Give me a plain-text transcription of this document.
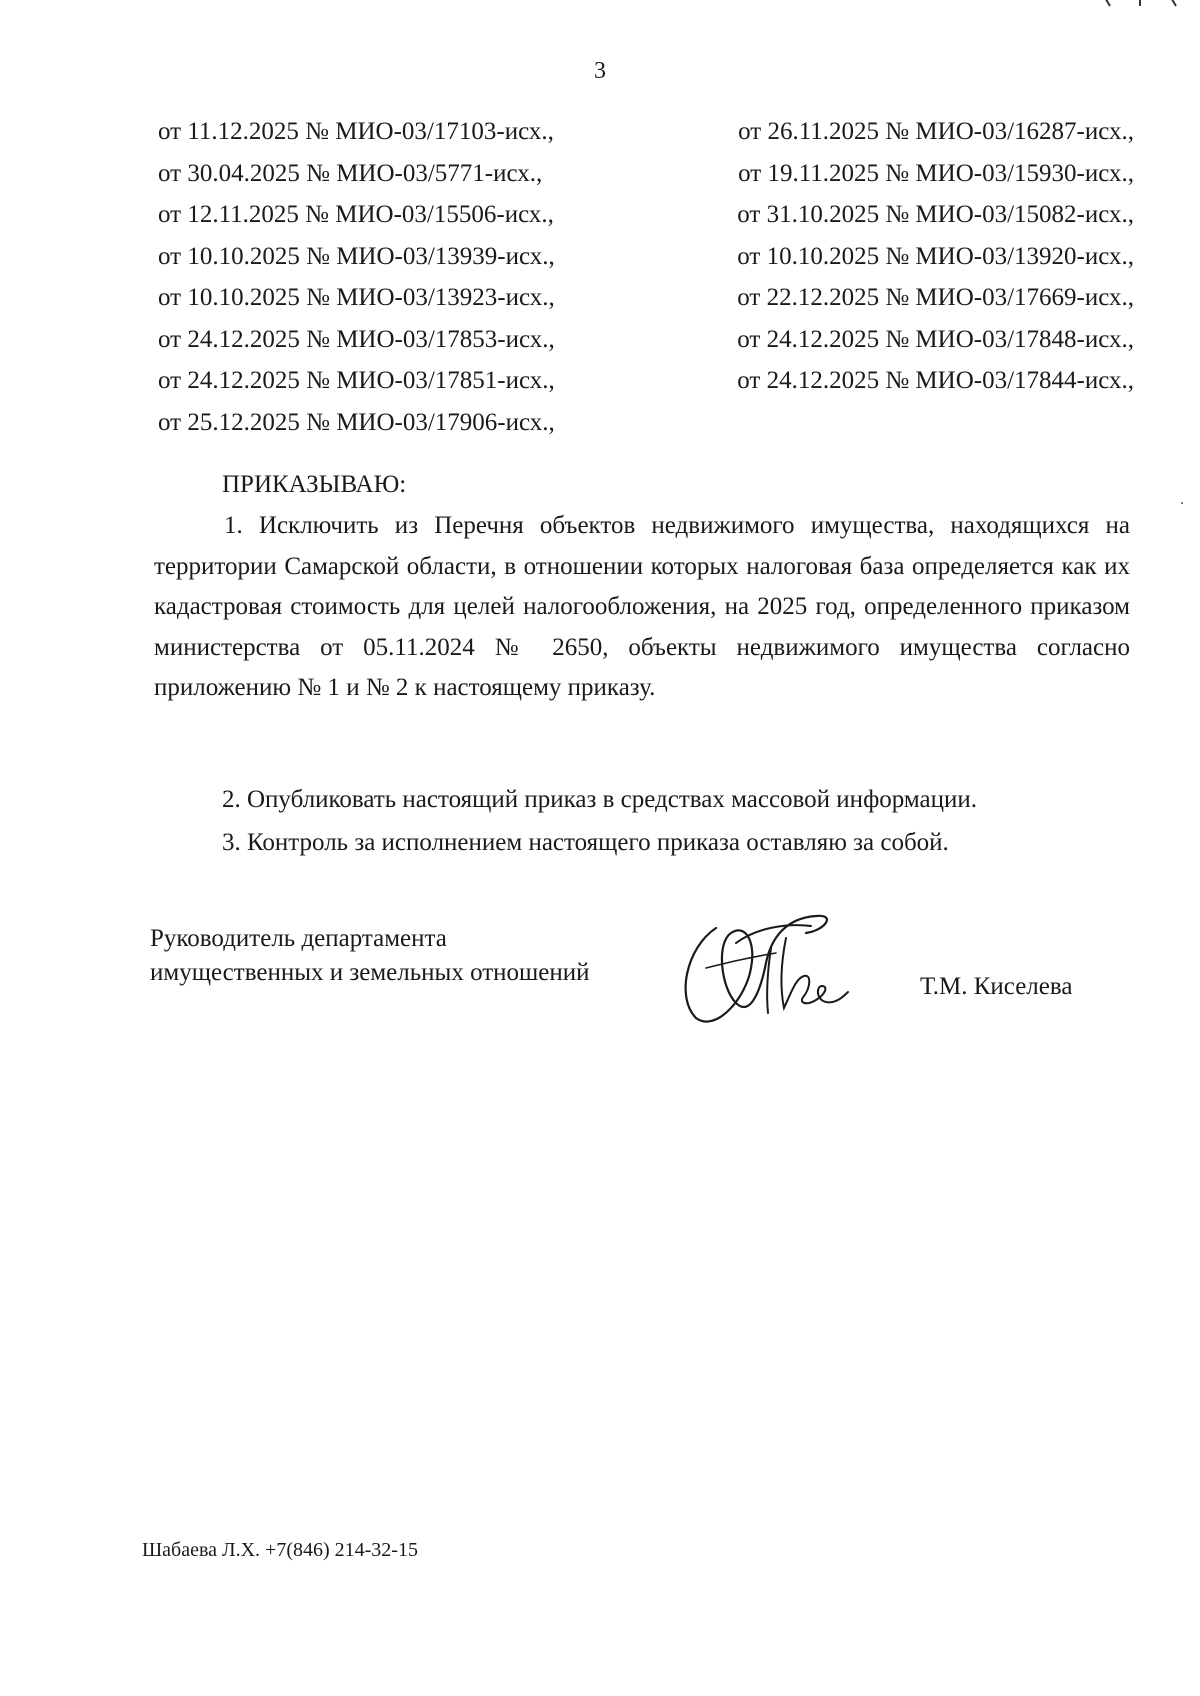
3
от 11.12.2025 № МИО-03/17103-исх.,	от 26.11.2025 № МИО-03/16287-исх.,
от 30.04.2025 № МИО-03/5771-исх.,	от 19.11.2025 № МИО-03/15930-исх.,
от 12.11.2025 № МИО-03/15506-исх.,	от 31.10.2025 № МИО-03/15082-исх.,
от 10.10.2025 № МИО-03/13939-исх.,	от 10.10.2025 № МИО-03/13920-исх.,
от 10.10.2025 № МИО-03/13923-исх.,	от 22.12.2025 № МИО-03/17669-исх.,
от 24.12.2025 № МИО-03/17853-исх.,	от 24.12.2025 № МИО-03/17848-исх.,
от 24.12.2025 № МИО-03/17851-исх.,	от 24.12.2025 № МИО-03/17844-исх.,
от 25.12.2025 № МИО-03/17906-исх.,
ПРИКАЗЫВАЮ:
1. Исключить из Перечня объектов недвижимого имущества, находящихся на территории Самарской области, в отношении которых налоговая база определяется как их кадастровая стоимость для целей налогообложения, на 2025 год, определенного приказом министерства от 05.11.2024 № 2650, объекты недвижимого имущества согласно приложению № 1 и № 2 к настоящему приказу.
2. Опубликовать настоящий приказ в средствах массовой информации.
3. Контроль за исполнением настоящего приказа оставляю за собой.
Руководитель департамента
имущественных и земельных отношений
Т.М. Киселева
Шабаева Л.Х. +7(846) 214-32-15
